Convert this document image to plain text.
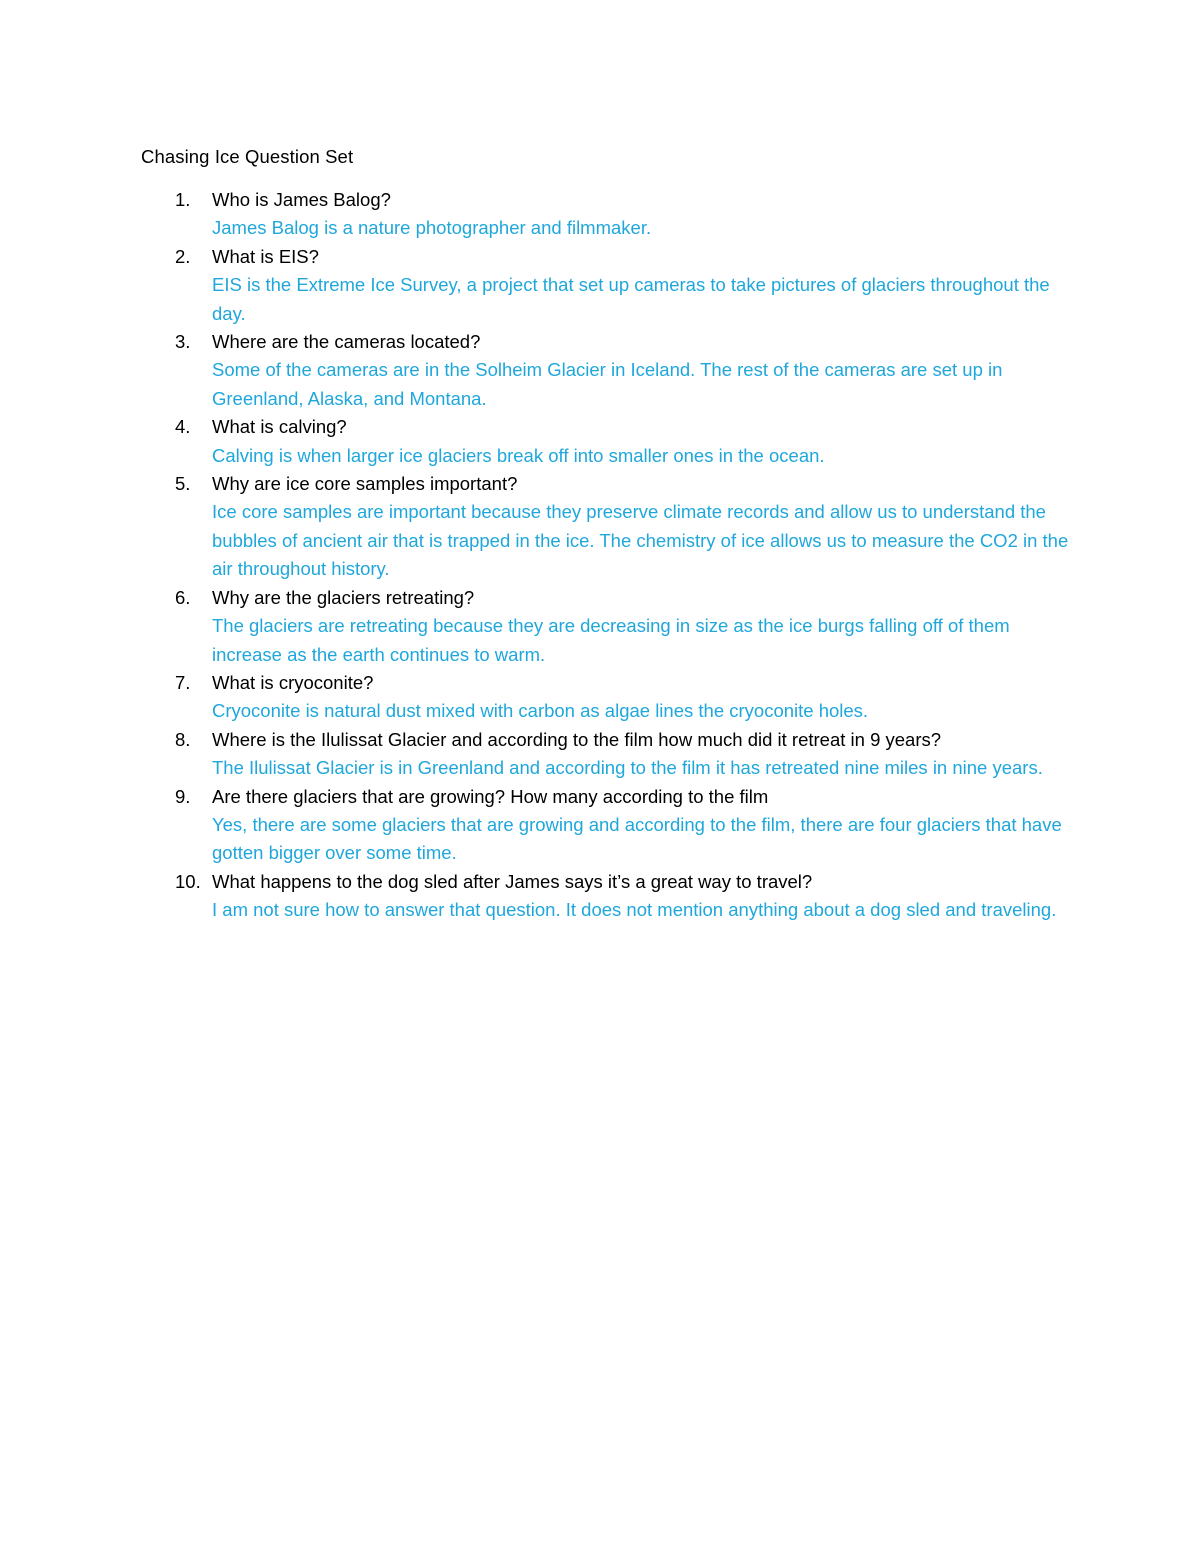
Chasing Ice Question Set
1.	Who is James Balog?
James Balog is a nature photographer and filmmaker.
2.	What is EIS?
EIS is the Extreme Ice Survey, a project that set up cameras to take pictures of glaciers throughout the day.
3.	Where are the cameras located?
Some of the cameras are in the Solheim Glacier in Iceland. The rest of the cameras are set up in Greenland, Alaska, and Montana.
4.	What is calving?
Calving is when larger ice glaciers break off into smaller ones in the ocean.
5.	Why are ice core samples important?
Ice core samples are important because they preserve climate records and allow us to understand the bubbles of ancient air that is trapped in the ice. The chemistry of ice allows us to measure the CO2 in the air throughout history.
6.	Why are the glaciers retreating?
The glaciers are retreating because they are decreasing in size as the ice burgs falling off of them increase as the earth continues to warm.
7.	What is cryoconite?
Cryoconite is natural dust mixed with carbon as algae lines the cryoconite holes.
8.	Where is the Ilulissat Glacier and according to the film how much did it retreat in 9 years?
The Ilulissat Glacier is in Greenland and according to the film it has retreated nine miles in nine years.
9.	Are there glaciers that are growing? How many according to the film
Yes, there are some glaciers that are growing and according to the film, there are four glaciers that have gotten bigger over some time.
10. What happens to the dog sled after James says it’s a great way to travel?
I am not sure how to answer that question. It does not mention anything about a dog sled and traveling.
